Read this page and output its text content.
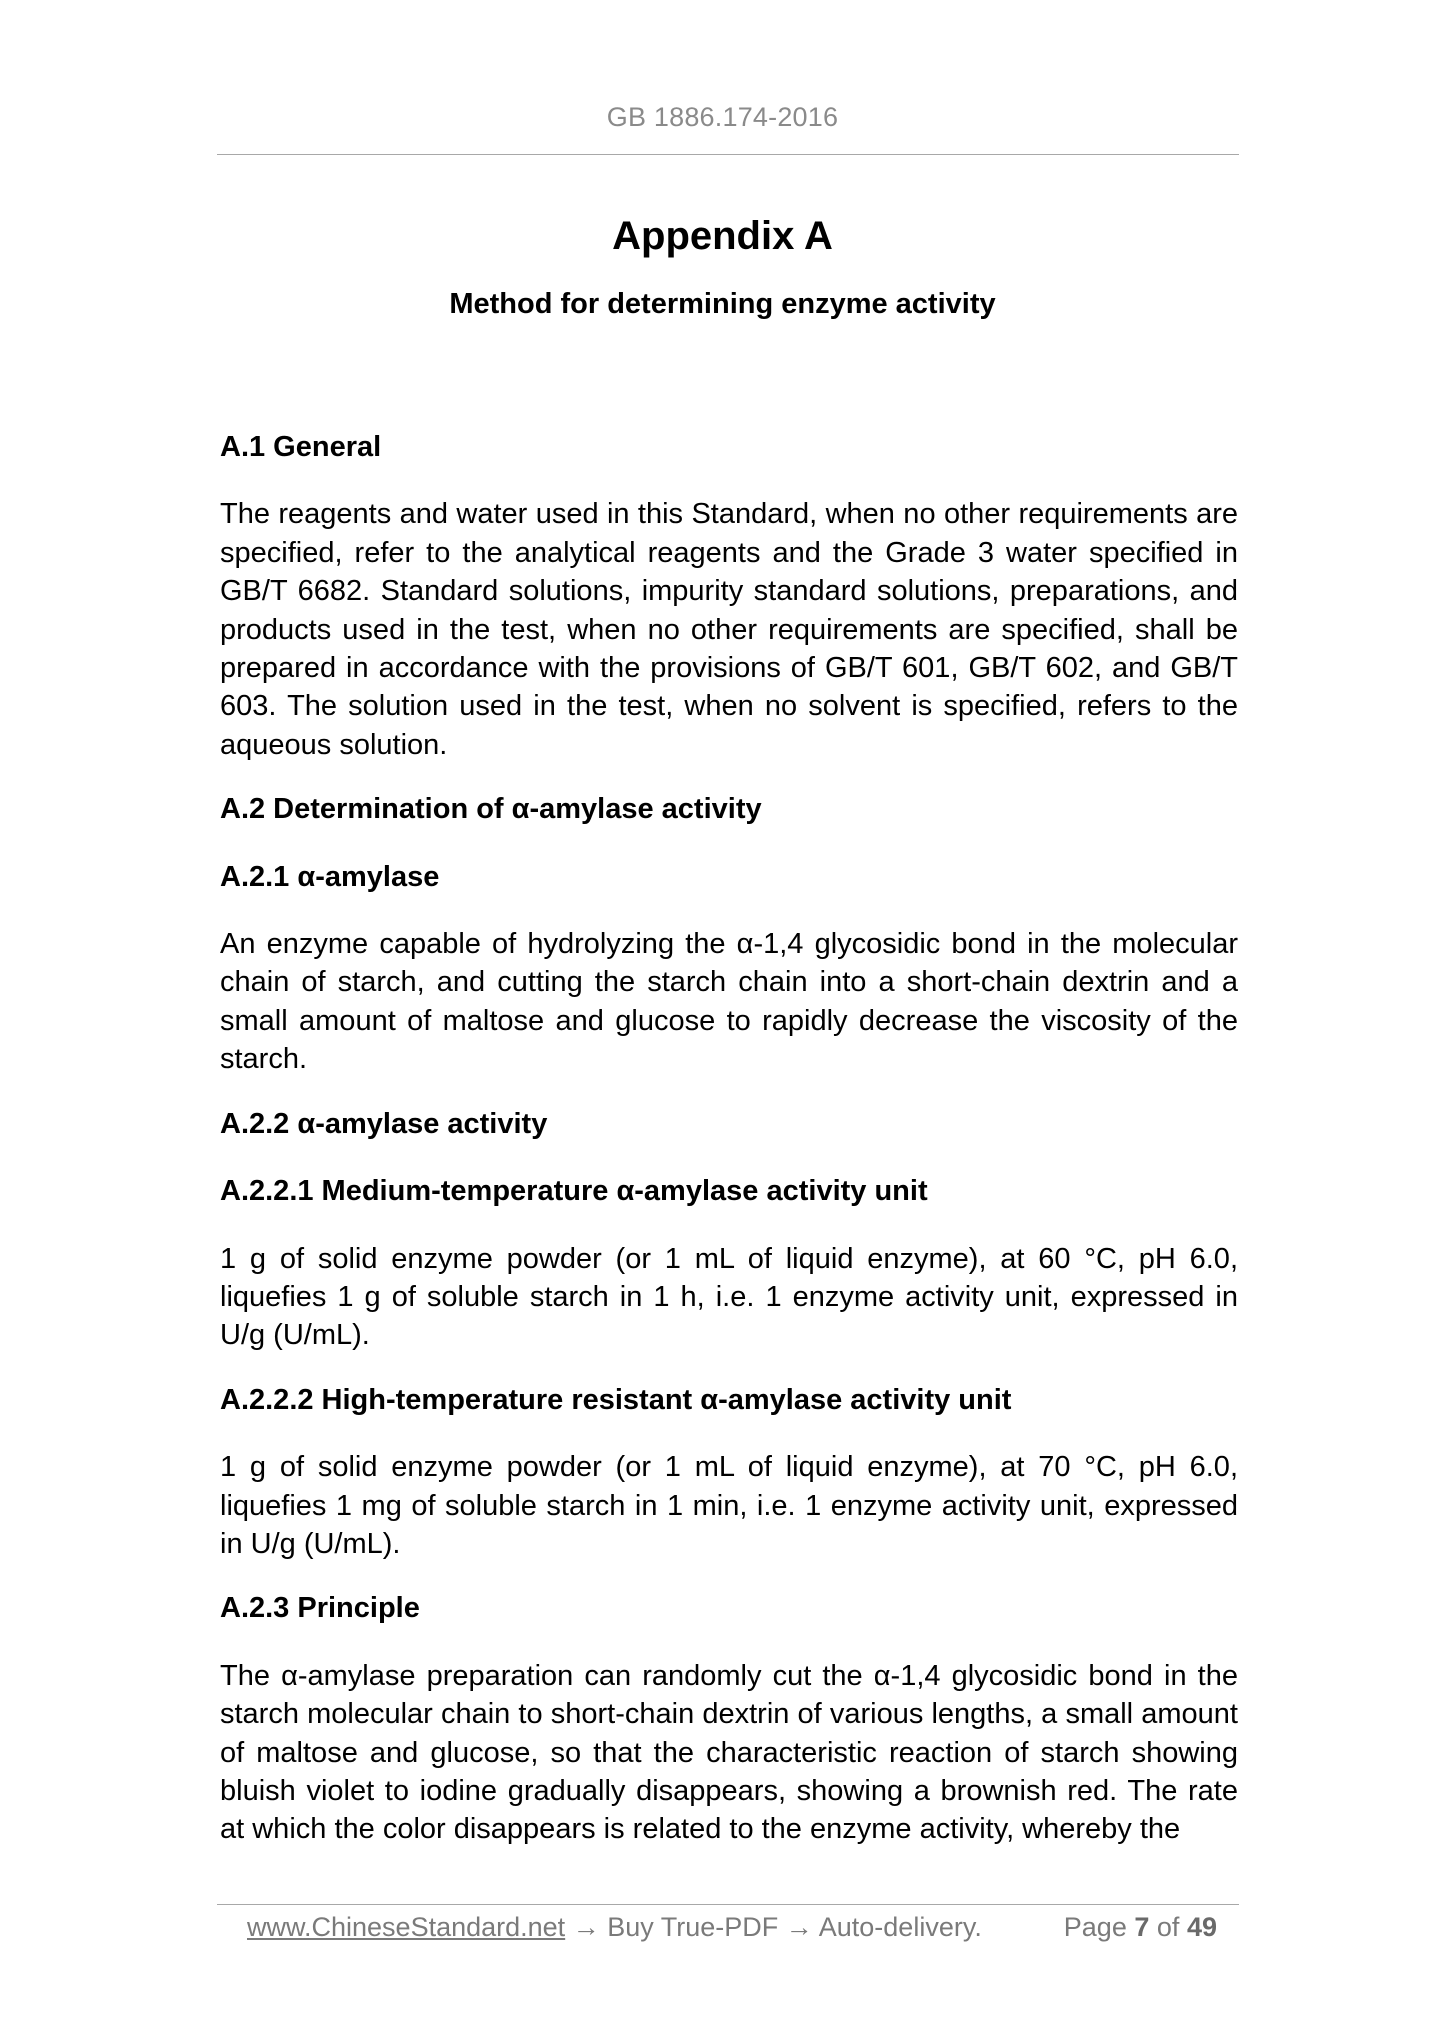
GB 1886.174-2016
Appendix A
Method for determining enzyme activity
A.1 General

The reagents and water used in this Standard, when no other requirements are specified, refer to the analytical reagents and the Grade 3 water specified in GB/T 6682. Standard solutions, impurity standard solutions, preparations, and products used in the test, when no other requirements are specified, shall be prepared in accordance with the provisions of GB/T 601, GB/T 602, and GB/T 603. The solution used in the test, when no solvent is specified, refers to the aqueous solution.

A.2 Determination of α-amylase activity
A.2.1 α-amylase

An enzyme capable of hydrolyzing the α-1,4 glycosidic bond in the molecular chain of starch, and cutting the starch chain into a short-chain dextrin and a small amount of maltose and glucose to rapidly decrease the viscosity of the starch.

A.2.2 α-amylase activity
A.2.2.1 Medium-temperature α-amylase activity unit

1 g of solid enzyme powder (or 1 mL of liquid enzyme), at 60 °C, pH 6.0, liquefies 1 g of soluble starch in 1 h, i.e. 1 enzyme activity unit, expressed in U/g (U/mL).

A.2.2.2 High-temperature resistant α-amylase activity unit

1 g of solid enzyme powder (or 1 mL of liquid enzyme), at 70 °C, pH 6.0, liquefies 1 mg of soluble starch in 1 min, i.e. 1 enzyme activity unit, expressed in U/g (U/mL).

A.2.3 Principle

The α-amylase preparation can randomly cut the α-1,4 glycosidic bond in the starch molecular chain to short-chain dextrin of various lengths, a small amount of maltose and glucose, so that the characteristic reaction of starch showing bluish violet to iodine gradually disappears, showing a brownish red. The rate at which the color disappears is related to the enzyme activity, whereby the

www.ChineseStandard.net → Buy True-PDF → Auto-delivery.	Page 7 of 49
